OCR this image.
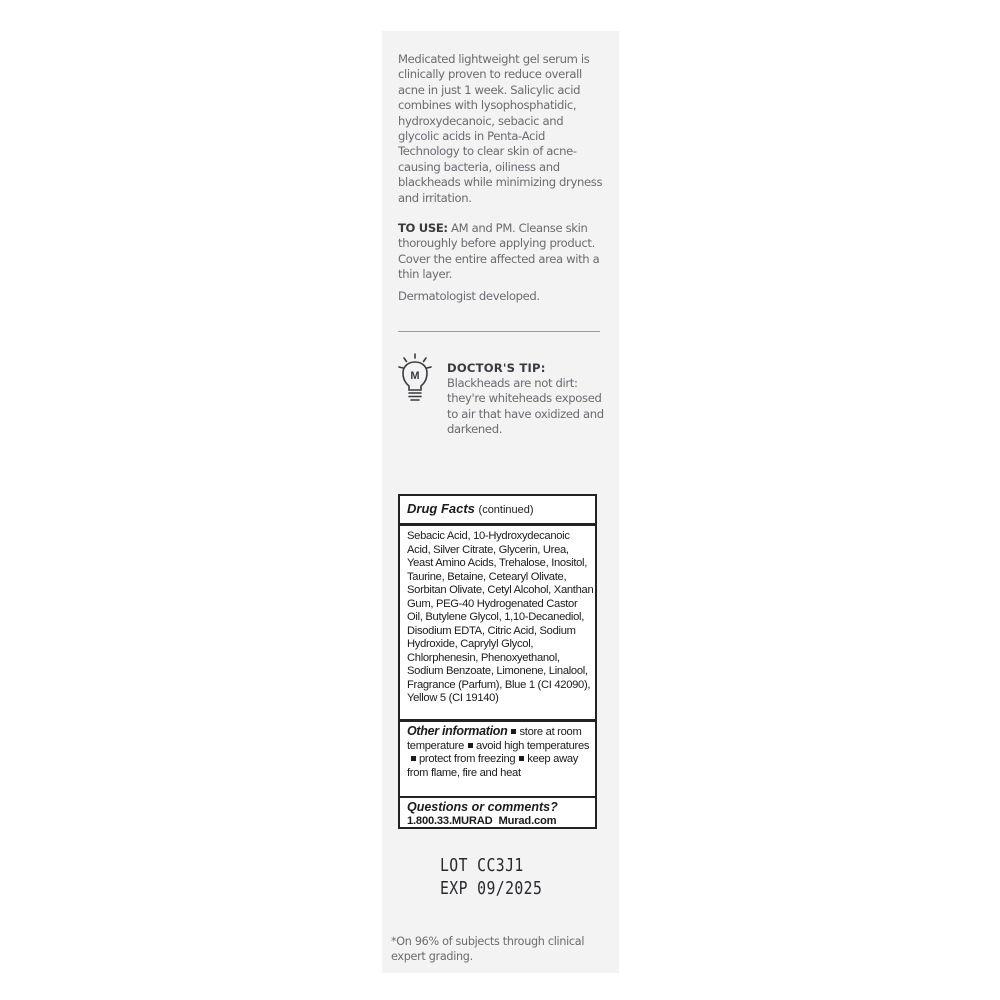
Medicated lightweight gel serum is clinically proven to reduce overall acne in just 1 week. Salicylic acid combines with lysophosphatidic, hydroxydecanoic, sebacic and glycolic acids in Penta-Acid Technology to clear skin of acne-causing bacteria, oiliness and blackheads while minimizing dryness and irritation.

TO USE: AM and PM. Cleanse skin thoroughly before applying product. Cover the entire affected area with a thin layer.
Dermatologist developed.
M
DOCTOR'S TIP:
Blackheads are not dirt: they're whiteheads exposed to air that have oxidized and darkened.
Drug Facts (continued)
Sebacic Acid, 10-Hydroxydecanoic Acid, Silver Citrate, Glycerin, Urea, Yeast Amino Acids, Trehalose, Inositol, Taurine, Betaine, Cetearyl Olivate, Sorbitan Olivate, Cetyl Alcohol, Xanthan Gum, PEG-40 Hydrogenated Castor Oil, Butylene Glycol, 1,10-Decanediol, Disodium EDTA, Citric Acid, Sodium Hydroxide, Caprylyl Glycol, Chlorphenesin, Phenoxyethanol, Sodium Benzoate, Limonene, Linalool, Fragrance (Parfum), Blue 1 (CI 42090), Yellow 5 (CI 19140)
Other information store at room temperature avoid high temperaturesprotect from freezing keep away from flame, fire and heat
Questions or comments?
1.800.33.MURAD Murad.com
LOT CC3J1
EXP 09/2025
*On 96% of subjects through clinical expert grading.
